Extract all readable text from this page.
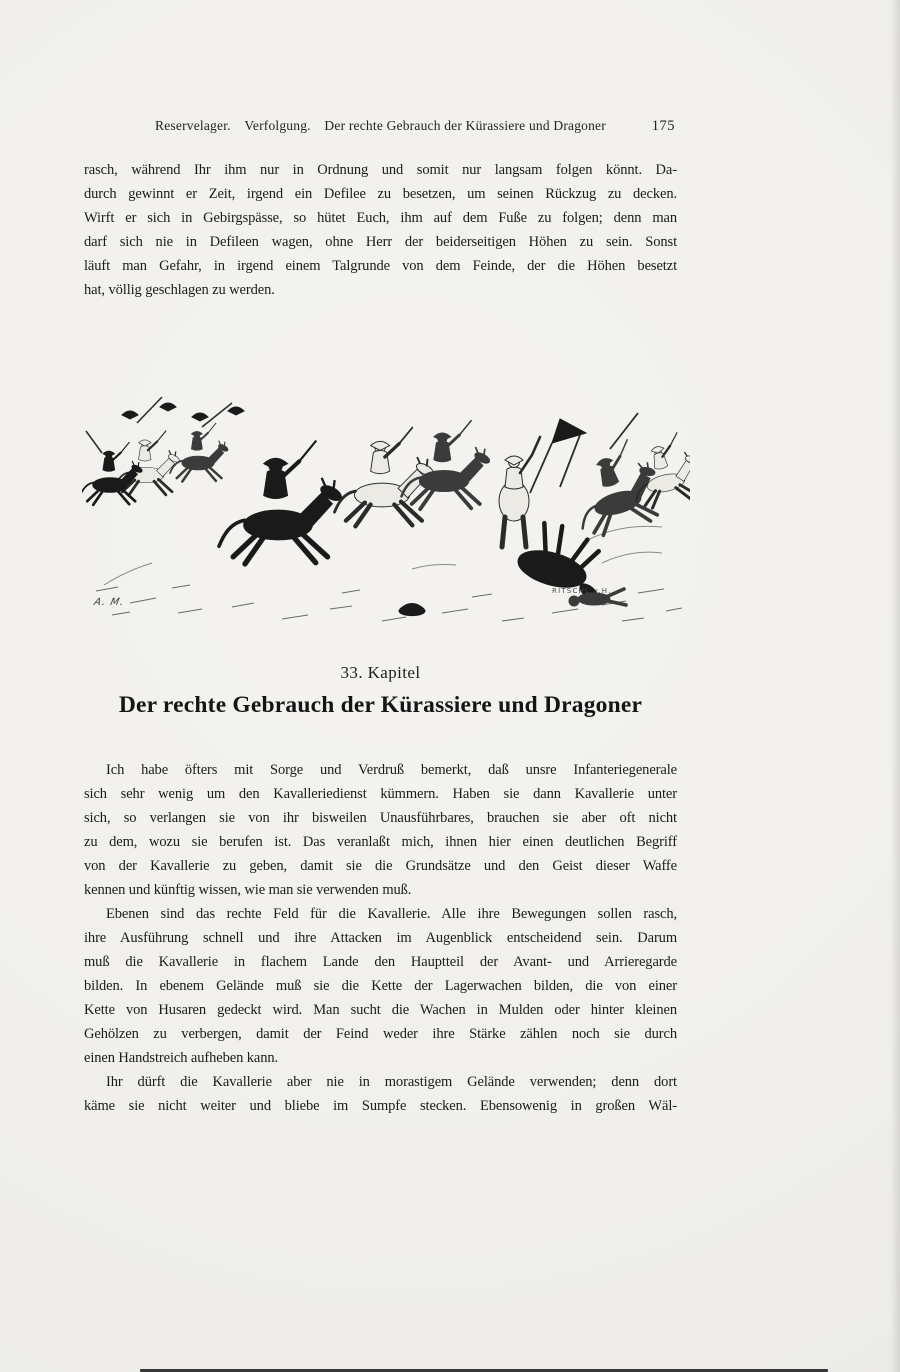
Reservelager. Verfolgung. Der rechte Gebrauch der Kürassiere und Dragoner	175
rasch, während Ihr ihm nur in Ordnung und somit nur langsam folgen könnt. Da-
durch gewinnt er Zeit, irgend ein Defilee zu besetzen, um seinen Rückzug zu decken.
Wirft er sich in Gebirgspässe, so hütet Euch, ihm auf dem Fuße zu folgen; denn man
darf sich nie in Defileen wagen, ohne Herr der beiderseitigen Höhen zu sein. Sonst
läuft man Gefahr, in irgend einem Talgrunde von dem Feinde, der die Höhen besetzt
hat, völlig geschlagen zu werden.
A. M.
RITSCHL v.H.
33. Kapitel
Der rechte Gebrauch der Kürassiere und Dragoner
Ich habe öfters mit Sorge und Verdruß bemerkt, daß unsre Infanteriegenerale
sich sehr wenig um den Kavalleriedienst kümmern. Haben sie dann Kavallerie unter
sich, so verlangen sie von ihr bisweilen Unausführbares, brauchen sie aber oft nicht
zu dem, wozu sie berufen ist. Das veranlaßt mich, ihnen hier einen deutlichen Begriff
von der Kavallerie zu geben, damit sie die Grundsätze und den Geist dieser Waffe
kennen und künftig wissen, wie man sie verwenden muß.
Ebenen sind das rechte Feld für die Kavallerie. Alle ihre Bewegungen sollen rasch,
ihre Ausführung schnell und ihre Attacken im Augenblick entscheidend sein. Darum
muß die Kavallerie in flachem Lande den Hauptteil der Avant- und Arrieregarde
bilden. In ebenem Gelände muß sie die Kette der Lagerwachen bilden, die von einer
Kette von Husaren gedeckt wird. Man sucht die Wachen in Mulden oder hinter kleinen
Gehölzen zu verbergen, damit der Feind weder ihre Stärke zählen noch sie durch
einen Handstreich aufheben kann.
Ihr dürft die Kavallerie aber nie in morastigem Gelände verwenden; denn dort
käme sie nicht weiter und bliebe im Sumpfe stecken. Ebensowenig in großen Wäl-
